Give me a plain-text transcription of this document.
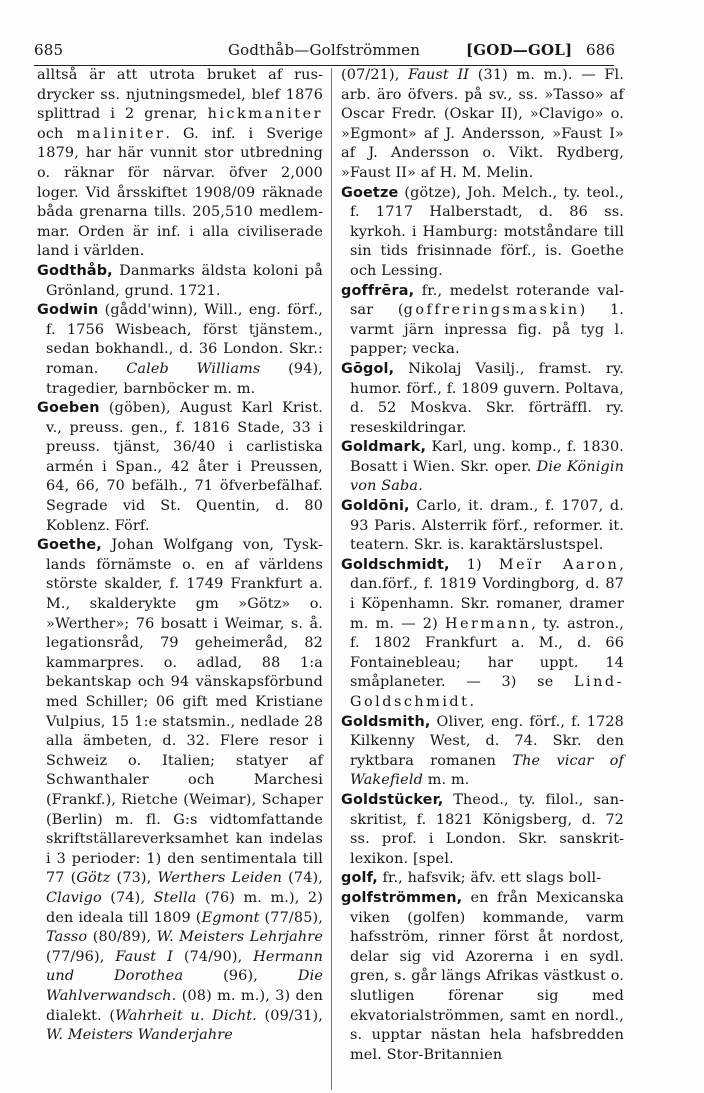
685	Godthåb—Golfströmmen	[GOD—GOL] 686

alltså är att utrota bruket af rusdrycker ss. njutningsmedel, blef 1876 splittrad i 2 grenar, hickmaniter och maliniter. G. inf. i Sverige 1879, har här vunnit stor utbredning o. räknar för närvar. öfver 2,000 loger. Vid årsskiftet 1908/09 räknade båda grenarna tills. 205,510 medlemmar. Orden är inf. i alla civiliserade land i världen.

Godthåb, Danmarks äldsta koloni på Grönland, grund. 1721.

Godwin (gådd'winn), Will., eng. förf., f. 1756 Wisbeach, först tjänstem., sedan bokhandl., d. 36 London. Skr.: roman. Caleb Williams (94), tragedier, barnböcker m. m.

Goeben (göben), August Karl Krist. v., preuss. gen., f. 1816 Stade, 33 i preuss. tjänst, 36/40 i carlistiska armén i Span., 42 åter i Preussen, 64, 66, 70 befälh., 71 öfverbefälhaf. Segrade vid St. Quentin, d. 80 Koblenz. Förf.

Goethe, Johan Wolfgang von, Tysklands förnämste o. en af världens störste skalder, f. 1749 Frankfurt a. M., skalderykte gm »Götz» o. »Werther»; 76 bosatt i Weimar, s. å. legationsråd, 79 geheimeråd, 82 kammarpres. o. adlad, 88 1:a bekantskap och 94 vänskapsförbund med Schiller; 06 gift med Kristiane Vulpius, 15 1:e statsmin., nedlade 28 alla ämbeten, d. 32. Flere resor i Schweiz o. Italien; statyer af Schwanthaler och Marchesi (Frankf.), Rietche (Weimar), Schaper (Berlin) m. fl. G:s vidtomfattande skriftställareverksamhet kan indelas i 3 perioder: 1) den sentimentala till 77 (Götz (73), Werthers Leiden (74), Clavigo (74), Stella (76) m. m.), 2) den ideala till 1809 (Egmont (77/85), Tasso (80/89), W. Meisters Lehrjahre (77/96), Faust I (74/90), Hermann und Dorothea (96), Die Wahlverwandsch. (08) m. m.), 3) den dialekt. (Wahrheit u. Dicht. (09/31), W. Meisters Wanderjahre

(07/21), Faust II (31) m. m.). — Fl. arb. äro öfvers. på sv., ss. »Tasso» af Oscar Fredr. (Oskar II), »Clavigo» o. »Egmont» af J. Andersson, »Faust I» af J. Andersson o. Vikt. Rydberg, »Faust II» af H. M. Melin.

Goetze (götze), Joh. Melch., ty. teol., f. 1717 Halberstadt, d. 86 ss. kyrkoh. i Hamburg: motståndare till sin tids frisinnade förf., is. Goethe och Lessing.

goffrēra, fr., medelst roterande valsar (goffreringsmaskin) 1. varmt järn inpressa fig. på tyg l. papper; vecka.

Gōgol, Nikolaj Vasilj., framst. ry. humor. förf., f. 1809 guvern. Poltava, d. 52 Moskva. Skr. förträffl. ry. reseskildringar.

Goldmark, Karl, ung. komp., f. 1830. Bosatt i Wien. Skr. oper. Die Königin von Saba.

Goldōni, Carlo, it. dram., f. 1707, d. 93 Paris. Alsterrik förf., reformer. it. teatern. Skr. is. karaktärslustspel.

Goldschmidt, 1) Meïr Aaron, dan.förf., f. 1819 Vordingborg, d. 87 i Köpenhamn. Skr. romaner, dramer m. m. — 2) Hermann, ty. astron., f. 1802 Frankfurt a. M., d. 66 Fontainebleau; har uppt. 14 småplaneter. — 3) se Lind-Goldschmidt.

Goldsmith, Oliver, eng. förf., f. 1728 Kilkenny West, d. 74. Skr. den ryktbara romanen The vicar of Wakefield m. m.

Goldstücker, Theod., ty. filol., sanskritist, f. 1821 Königsberg, d. 72 ss. prof. i London. Skr. sanskritlexikon. [spel.

golf, fr., hafsvik; äfv. ett slags boll-

golfströmmen, en från Mexicanska viken (golfen) kommande, varm hafsström, rinner först åt nordost, delar sig vid Azorerna i en sydl. gren, s. går längs Afrikas västkust o. slutligen förenar sig med ekvatorialströmmen, samt en nordl., s. upptar nästan hela hafsbredden mel. Stor-Britannien
